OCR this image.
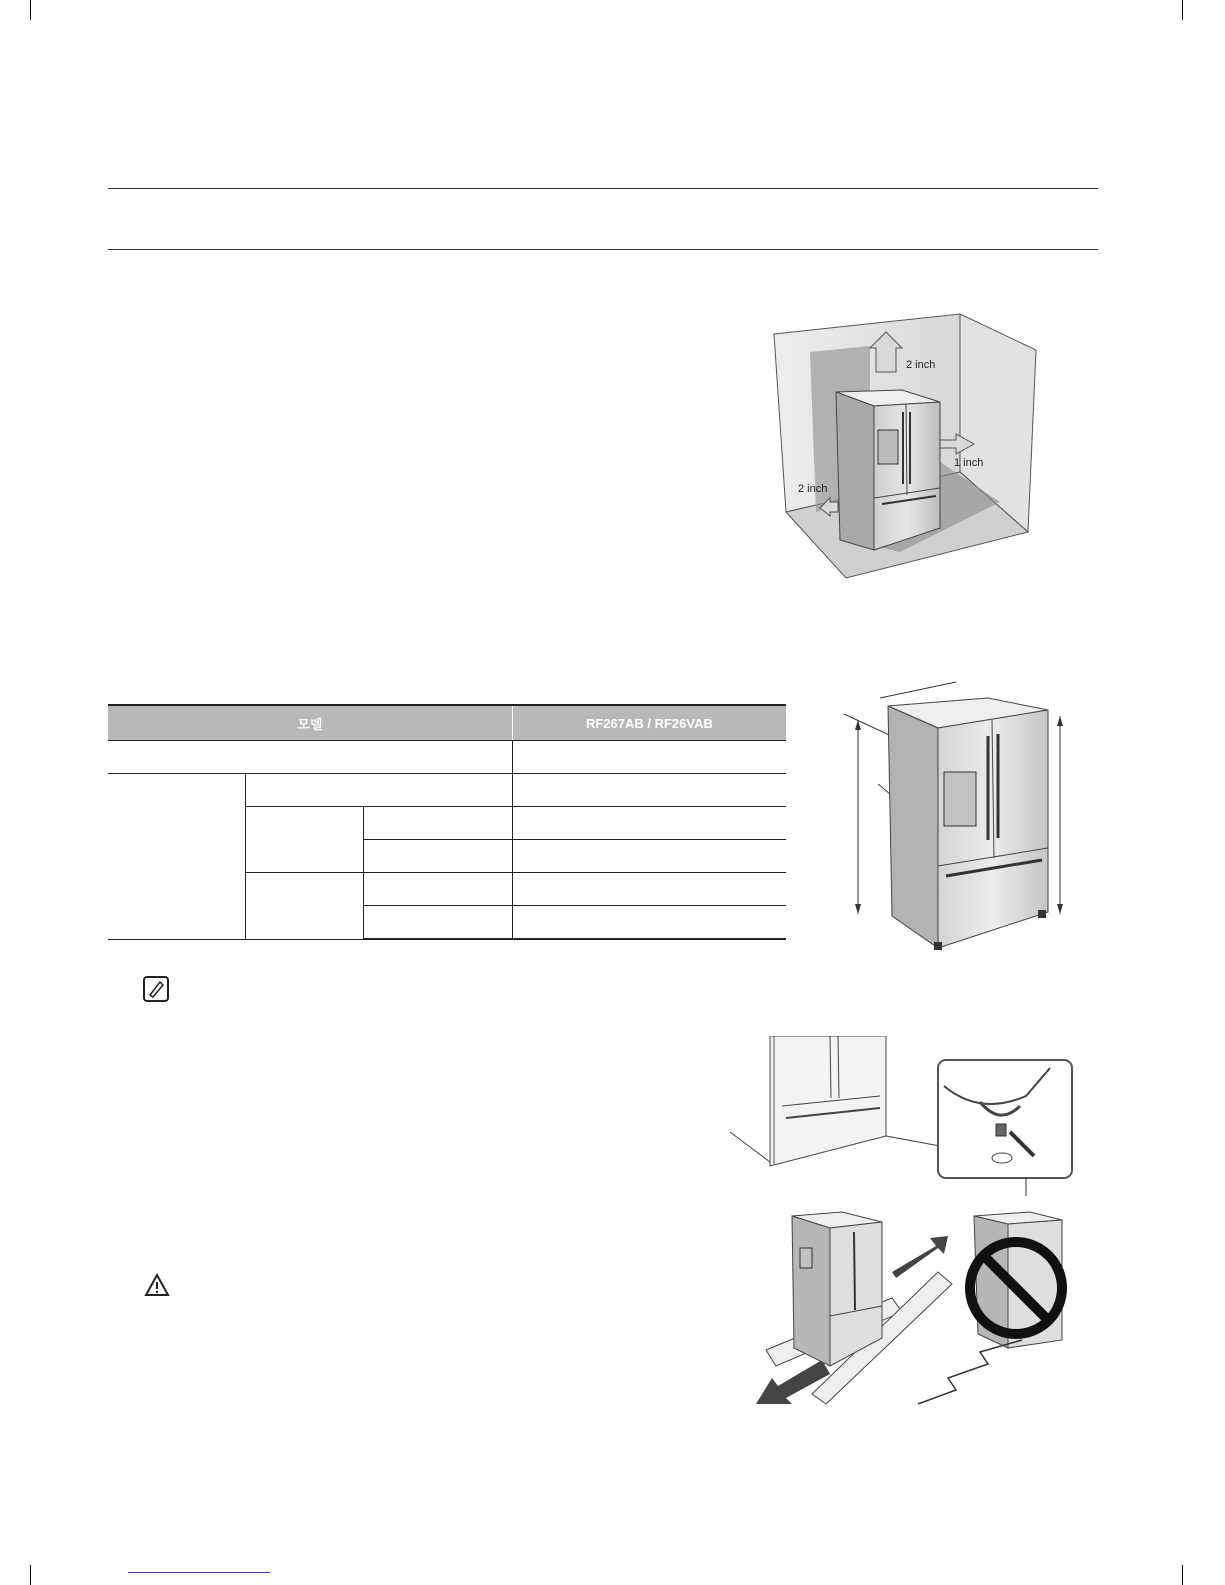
2 inch
1 inch
2 inch
모델			RF267AB / RF26VAB
